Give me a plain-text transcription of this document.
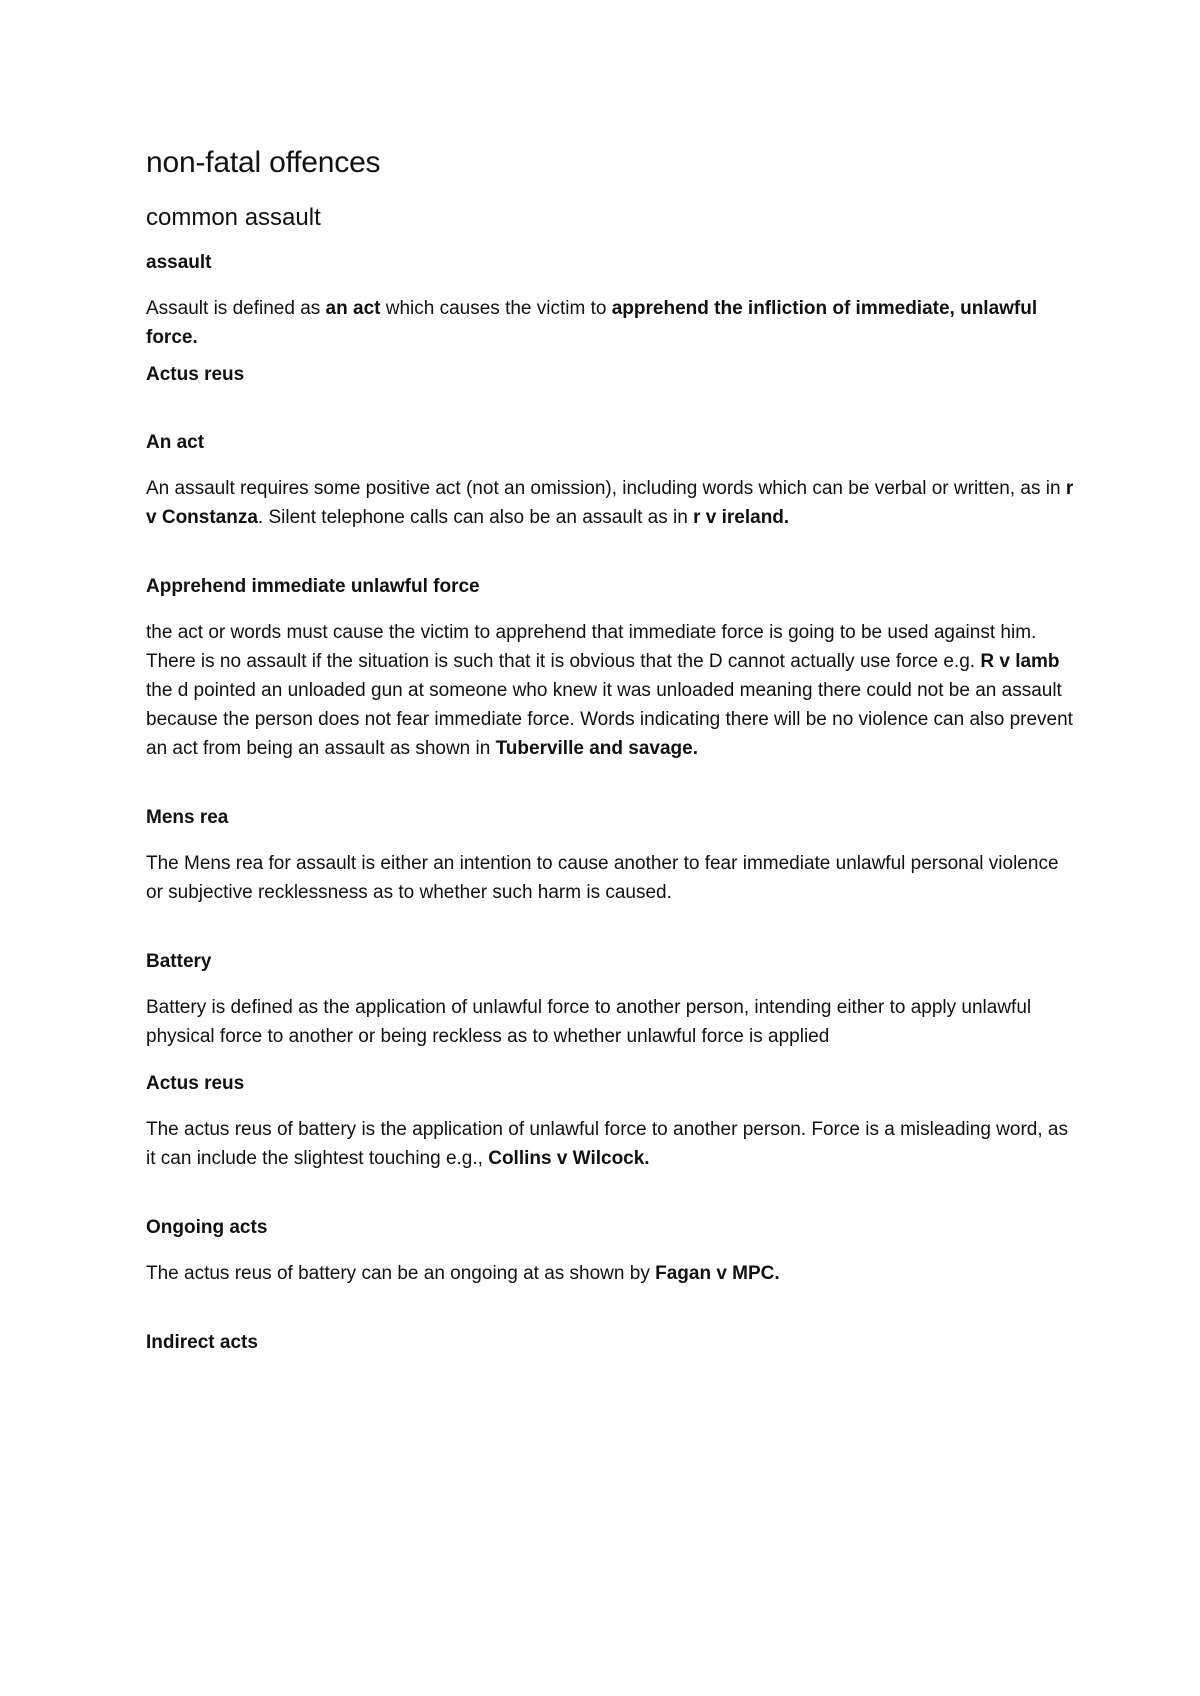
non-fatal offences
common assault
assault

Assault is defined as an act which causes the victim to apprehend the infliction of immediate, unlawful force.

Actus reus
An act

An assault requires some positive act (not an omission), including words which can be verbal or written, as in r v Constanza. Silent telephone calls can also be an assault as in r v ireland.

Apprehend immediate unlawful force

the act or words must cause the victim to apprehend that immediate force is going to be used against him. There is no assault if the situation is such that it is obvious that the D cannot actually use force e.g. R v lamb the d pointed an unloaded gun at someone who knew it was unloaded meaning there could not be an assault because the person does not fear immediate force. Words indicating there will be no violence can also prevent an act from being an assault as shown in Tuberville and savage.

Mens rea

The Mens rea for assault is either an intention to cause another to fear immediate unlawful personal violence or subjective recklessness as to whether such harm is caused.

Battery

Battery is defined as the application of unlawful force to another person, intending either to apply unlawful physical force to another or being reckless as to whether unlawful force is applied

Actus reus

The actus reus of battery is the application of unlawful force to another person. Force is a misleading word, as it can include the slightest touching e.g., Collins v Wilcock.

Ongoing acts

The actus reus of battery can be an ongoing at as shown by Fagan v MPC.

Indirect acts
